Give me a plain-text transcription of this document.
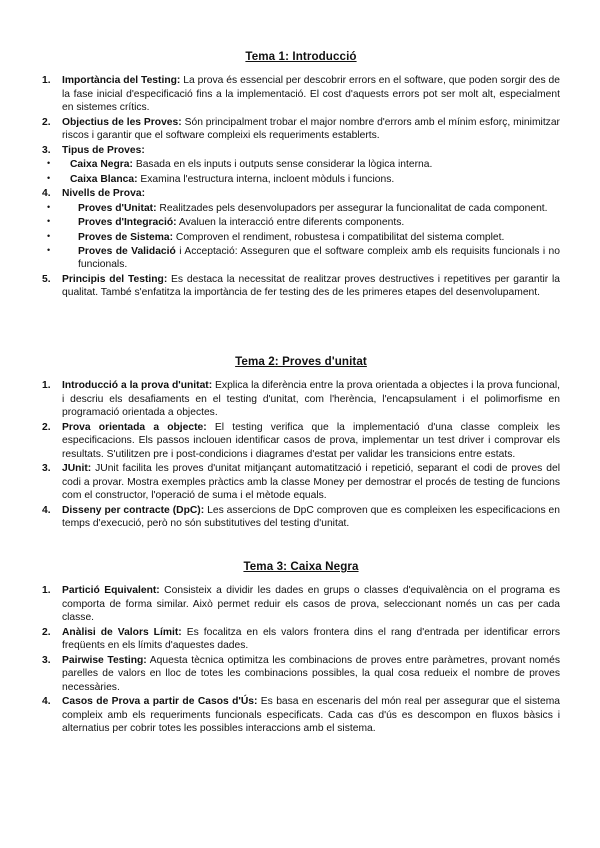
Tema 1: Introducció
1. Importància del Testing: La prova és essencial per descobrir errors en el software, que poden sorgir des de la fase inicial d'especificació fins a la implementació. El cost d'aquests errors pot ser molt alt, especialment en sistemes crítics.
2. Objectius de les Proves: Són principalment trobar el major nombre d'errors amb el mínim esforç, minimitzar riscos i garantir que el software compleixi els requeriments establerts.
3. Tipus de Proves:
• Caixa Negra: Basada en els inputs i outputs sense considerar la lògica interna.
• Caixa Blanca: Examina l'estructura interna, incloent mòduls i funcions.
4. Nivells de Prova:
•	Proves d'Unitat: Realitzades pels desenvolupadors per assegurar la funcionalitat de cada component.
•	Proves d'Integració: Avaluen la interacció entre diferents components.
•	Proves de Sistema: Comproven el rendiment, robustesa i compatibilitat del sistema complet.
•	Proves de Validació i Acceptació: Asseguren que el software compleix amb els requisits funcionals i no funcionals.
5. Principis del Testing: Es destaca la necessitat de realitzar proves destructives i repetitives per garantir la qualitat. També s'enfatitza la importància de fer testing des de les primeres etapes del desenvolupament.
Tema 2: Proves d'unitat
1. Introducció a la prova d'unitat: Explica la diferència entre la prova orientada a objectes i la prova funcional, i descriu els desafiaments en el testing d'unitat, com l'herència, l'encapsulament i el polimorfisme en programació orientada a objectes.
2. Prova orientada a objecte: El testing verifica que la implementació d'una classe compleix les especificacions. Els passos inclouen identificar casos de prova, implementar un test driver i comprovar els resultats. S'utilitzen pre i post-condicions i diagrames d'estat per validar les transicions entre estats.
3. JUnit: JUnit facilita les proves d'unitat mitjançant automatització i repetició, separant el codi de proves del codi a provar. Mostra exemples pràctics amb la classe Money per demostrar el procés de testing de funcions com el constructor, l'operació de suma i el mètode equals.
4. Disseny per contracte (DpC): Les assercions de DpC comproven que es compleixen les especificacions en temps d'execució, però no són substitutives del testing d'unitat.
Tema 3: Caixa Negra
1. Partició Equivalent: Consisteix a dividir les dades en grups o classes d'equivalència on el programa es comporta de forma similar. Això permet reduir els casos de prova, seleccionant només un cas per cada classe.
2. Anàlisi de Valors Límit: Es focalitza en els valors frontera dins el rang d'entrada per identificar errors freqüents en els límits d'aquestes dades.
3. Pairwise Testing: Aquesta tècnica optimitza les combinacions de proves entre paràmetres, provant només parelles de valors en lloc de totes les combinacions possibles, la qual cosa redueix el nombre de proves necessàries.
4. Casos de Prova a partir de Casos d'Ús: Es basa en escenaris del món real per assegurar que el sistema compleix amb els requeriments funcionals especificats. Cada cas d'ús es descompon en fluxos bàsics i alternatius per cobrir totes les possibles interaccions amb el sistema.
